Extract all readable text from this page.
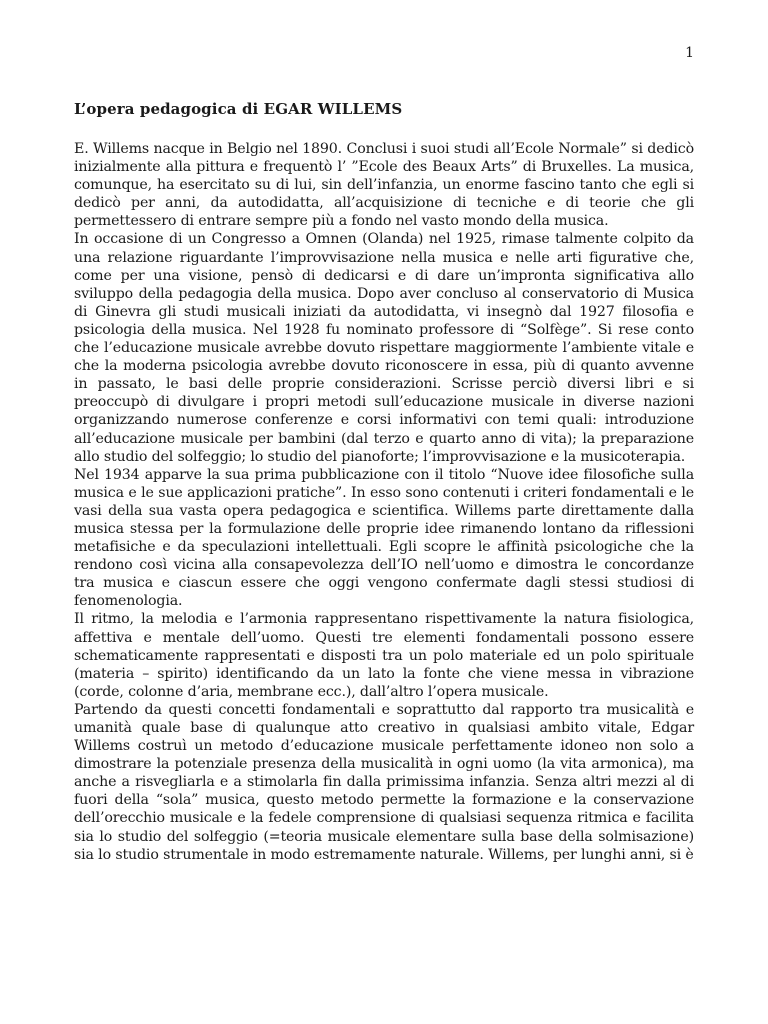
1
L’opera pedagogica di EGAR WILLEMS

E. Willems nacque in Belgio nel 1890. Conclusi i suoi studi all’Ecole Normale” si dedicò inizialmente alla pittura e frequentò l’ ”Ecole des Beaux Arts” di Bruxelles. La musica, comunque, ha esercitato su di lui, sin dell’infanzia, un enorme fascino tanto che egli si dedicò per anni, da autodidatta, all’acquisizione di tecniche e di teorie che gli permettessero di entrare sempre più a fondo nel vasto mondo della musica.

In occasione di un Congresso a Omnen (Olanda) nel 1925, rimase talmente colpito da una relazione riguardante l’improvvisazione nella musica e nelle arti figurative che, come per una visione, pensò di dedicarsi e di dare un’impronta significativa allo sviluppo della pedagogia della musica. Dopo aver concluso al conservatorio di Musica di Ginevra gli studi musicali iniziati da autodidatta, vi insegnò dal 1927 filosofia e psicologia della musica. Nel 1928 fu nominato professore di “Solfège”. Si rese conto che l’educazione musicale avrebbe dovuto rispettare maggiormente l’ambiente vitale e che la moderna psicologia avrebbe dovuto riconoscere in essa, più di quanto avvenne in passato, le basi delle proprie considerazioni. Scrisse perciò diversi libri e si preoccupò di divulgare i propri metodi sull’educazione musicale in diverse nazioni organizzando numerose conferenze e corsi informativi con temi quali: introduzione all’educazione musicale per bambini (dal terzo e quarto anno di vita); la preparazione allo studio del solfeggio; lo studio del pianoforte; l’improvvisazione e la musicoterapia.

Nel 1934 apparve la sua prima pubblicazione con il titolo “Nuove idee filosofiche sulla musica e le sue applicazioni pratiche”. In esso sono contenuti i criteri fondamentali e le vasi della sua vasta opera pedagogica e scientifica. Willems parte direttamente dalla musica stessa per la formulazione delle proprie idee rimanendo lontano da riflessioni metafisiche e da speculazioni intellettuali. Egli scopre le affinità psicologiche che la rendono così vicina alla consapevolezza dell’IO nell’uomo e dimostra le concordanze tra musica e ciascun essere che oggi vengono confermate dagli stessi studiosi di fenomenologia.

Il ritmo, la melodia e l’armonia rappresentano rispettivamente la natura fisiologica, affettiva e mentale dell’uomo. Questi tre elementi fondamentali possono essere schematicamente rappresentati e disposti tra un polo materiale ed un polo spirituale (materia – spirito) identificando da un lato la fonte che viene messa in vibrazione (corde, colonne d’aria, membrane ecc.), dall’altro l’opera musicale.

Partendo da questi concetti fondamentali e soprattutto dal rapporto tra musicalità e umanità quale base di qualunque atto creativo in qualsiasi ambito vitale, Edgar Willems costruì un metodo d’educazione musicale perfettamente idoneo non solo a dimostrare la potenziale presenza della musicalità in ogni uomo (la vita armonica), ma anche a risvegliarla e a stimolarla fin dalla primissima infanzia. Senza altri mezzi al di fuori della “sola” musica, questo metodo permette la formazione e la conservazione dell’orecchio musicale e la fedele comprensione di qualsiasi sequenza ritmica e facilita sia lo studio del solfeggio (=teoria musicale elementare sulla base della solmisazione) sia lo studio strumentale in modo estremamente naturale. Willems, per lunghi anni, si è
